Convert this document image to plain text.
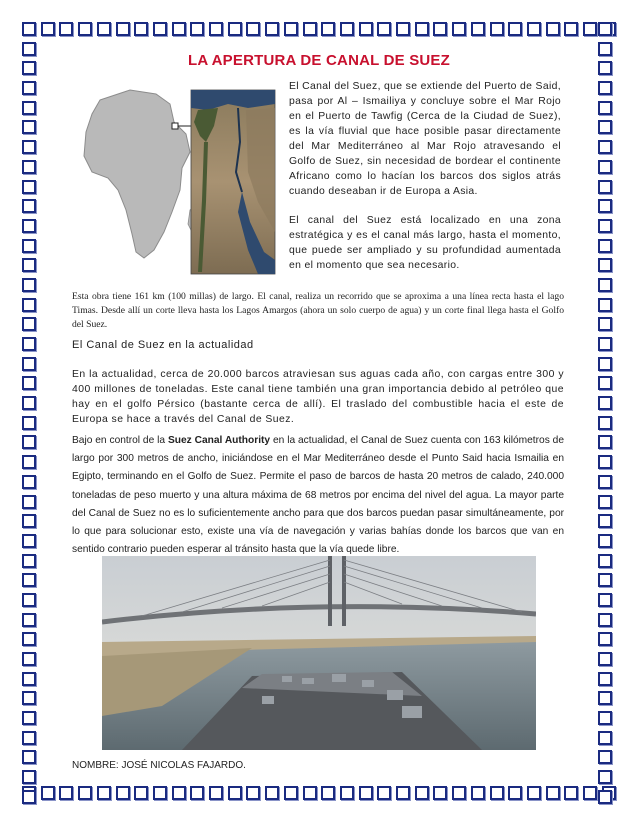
LA APERTURA DE CANAL DE SUEZ
El Canal del Suez, que se extiende del Puerto de Said, pasa por Al – Ismailiya y concluye sobre el Mar Rojo en el Puerto de Tawfig (Cerca de la Ciudad de Suez), es la vía fluvial que hace posible pasar directamente del Mar Mediterráneo al Mar Rojo atravesando el Golfo de Suez, sin necesidad de bordear el continente Africano como lo hacían los barcos dos siglos atrás cuando deseaban ir de Europa a Asia.
El canal del Suez está localizado en una zona estratégica y es el canal más largo, hasta el momento, que puede ser ampliado y su profundidad aumentada en el momento que sea necesario.
Esta obra tiene 161 km (100 millas) de largo. El canal, realiza un recorrido que se aproxima a una línea recta hasta el lago Timas. Desde allí un corte lleva hasta los Lagos Amargos (ahora un solo cuerpo de agua) y un corte final llega hasta el Golfo del Suez.
El Canal de Suez en la actualidad
En la actualidad, cerca de 20.000 barcos atraviesan sus aguas cada año, con cargas entre 300 y 400 millones de toneladas. Este canal tiene también una gran importancia debido al petróleo que hay en el golfo Pérsico (bastante cerca de allí). El traslado del combustible hacia el este de Europa se hace a través del Canal de Suez.
Bajo en control de la Suez Canal Authority en la actualidad, el Canal de Suez cuenta con 163 kilómetros de largo por 300 metros de ancho, iniciándose en el Mar Mediterráneo desde el Punto Said hacia Ismailia en Egipto, terminando en el Golfo de Suez. Permite el paso de barcos de hasta 20 metros de calado, 240.000 toneladas de peso muerto y una altura máxima de 68 metros por encima del nivel del agua. La mayor parte del Canal de Suez no es lo suficientemente ancho para que dos barcos puedan pasar simultáneamente, por lo que para solucionar esto, existe una vía de navegación y varias bahías donde los barcos que van en sentido contrario pueden esperar al tránsito hasta que la vía quede libre.
NOMBRE: JOSÉ NICOLAS FAJARDO.
